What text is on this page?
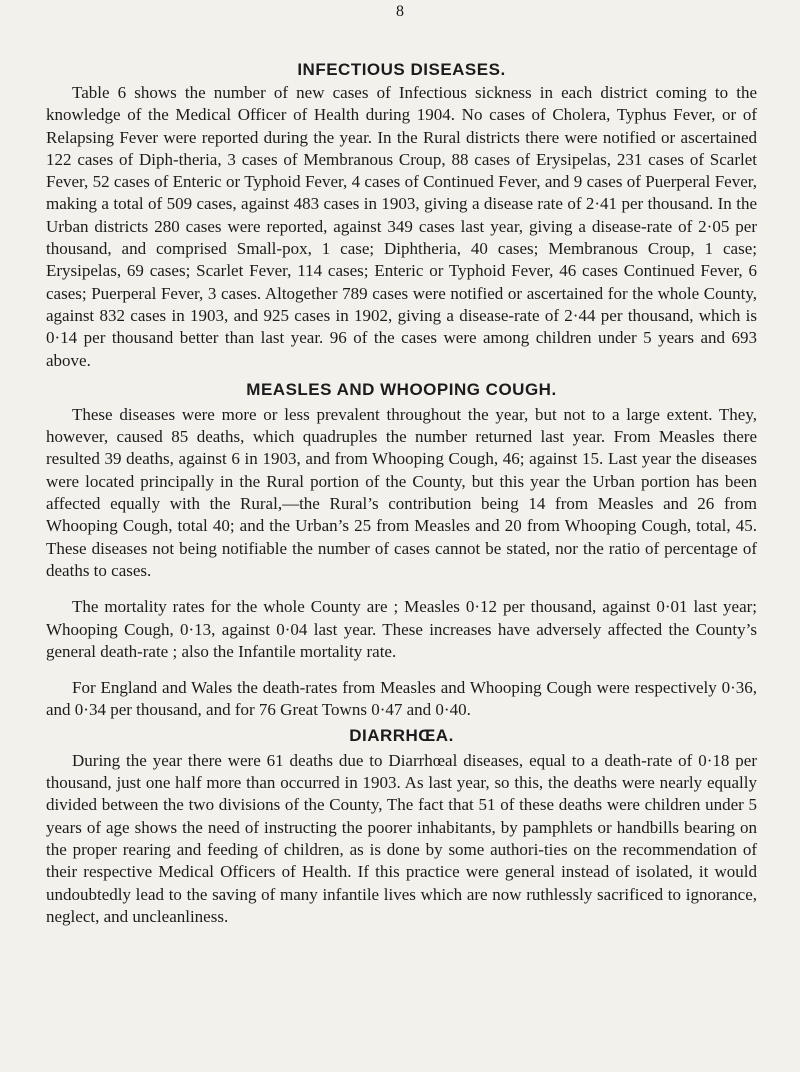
8
INFECTIOUS DISEASES.

Table 6 shows the number of new cases of Infectious sickness in each district coming to the knowledge of the Medical Officer of Health during 1904. No cases of Cholera, Typhus Fever, or of Relapsing Fever were reported during the year. In the Rural districts there were notified or ascertained 122 cases of Diph-theria, 3 cases of Membranous Croup, 88 cases of Erysipelas, 231 cases of Scarlet Fever, 52 cases of Enteric or Typhoid Fever, 4 cases of Continued Fever, and 9 cases of Puerperal Fever, making a total of 509 cases, against 483 cases in 1903, giving a disease rate of 2·41 per thousand. In the Urban districts 280 cases were reported, against 349 cases last year, giving a disease-rate of 2·05 per thousand, and comprised Small-pox, 1 case; Diphtheria, 40 cases; Membranous Croup, 1 case; Erysipelas, 69 cases; Scarlet Fever, 114 cases; Enteric or Typhoid Fever, 46 cases Continued Fever, 6 cases; Puerperal Fever, 3 cases. Altogether 789 cases were notified or ascertained for the whole County, against 832 cases in 1903, and 925 cases in 1902, giving a disease-rate of 2·44 per thousand, which is 0·14 per thousand better than last year. 96 of the cases were among children under 5 years and 693 above.

MEASLES AND WHOOPING COUGH.

These diseases were more or less prevalent throughout the year, but not to a large extent. They, however, caused 85 deaths, which quadruples the number returned last year. From Measles there resulted 39 deaths, against 6 in 1903, and from Whooping Cough, 46; against 15. Last year the diseases were located principally in the Rural portion of the County, but this year the Urban portion has been affected equally with the Rural,—the Rural’s contribution being 14 from Measles and 26 from Whooping Cough, total 40; and the Urban’s 25 from Measles and 20 from Whooping Cough, total, 45. These diseases not being notifiable the number of cases cannot be stated, nor the ratio of percentage of deaths to cases.

The mortality rates for the whole County are ; Measles 0·12 per thousand, against 0·01 last year; Whooping Cough, 0·13, against 0·04 last year. These increases have adversely affected the County’s general death-rate ; also the Infantile mortality rate.

For England and Wales the death-rates from Measles and Whooping Cough were respectively 0·36, and 0·34 per thousand, and for 76 Great Towns 0·47 and 0·40.

DIARRHŒA.

During the year there were 61 deaths due to Diarrhœal diseases, equal to a death-rate of 0·18 per thousand, just one half more than occurred in 1903. As last year, so this, the deaths were nearly equally divided between the two divisions of the County, The fact that 51 of these deaths were children under 5 years of age shows the need of instructing the poorer inhabitants, by pamphlets or handbills bearing on the proper rearing and feeding of children, as is done by some authori-ties on the recommendation of their respective Medical Officers of Health. If this practice were general instead of isolated, it would undoubtedly lead to the saving of many infantile lives which are now ruthlessly sacrificed to ignorance, neglect, and uncleanliness.
